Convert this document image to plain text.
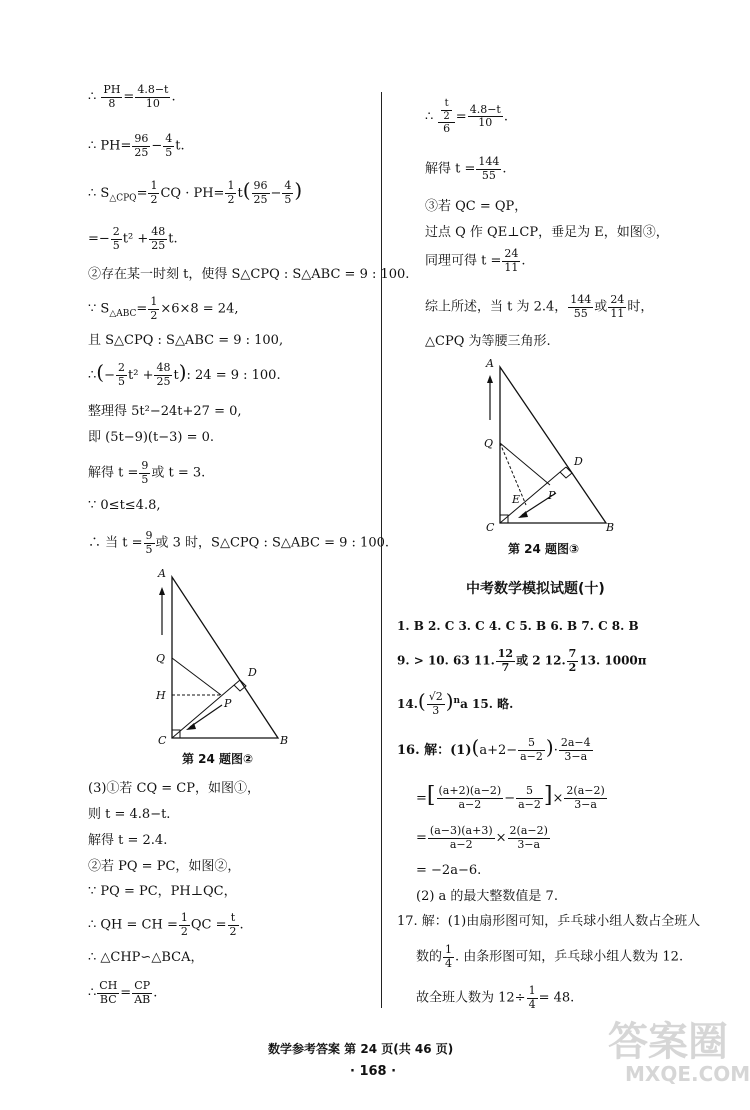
∴ $\frac{PH}{8} = \frac{4.8-t}{10}$ .
∴ $PH= \frac{96}{25} - \frac{4}{5} t$.
∴ $S_{\triangle CPQ}= \frac{1}{2}$ CQ · $PH= \frac{1}{2} t( \frac{96}{25} - \frac{4}{5}$ )
=− $\frac{2}{5} t^2 + \frac{48}{25} t$.
②存在某一时刻 t，使得 S△CPQ : S△ABC = 9 : 100.
∵ $S_{\triangle ABC}= \frac{1}{2} \times 6\times 8 = 24$,
且 S△CPQ : S△ABC = 9 : 100,
∴(− $\frac{2}{5} t^2 + \frac{48}{25} t$): 24 = 9 : 100.
整理得 5t²−24t+27 = 0,
即 (5t−9)(t−3) = 0.
解得 $t = \frac{9}{5}$ 或 t = 3.
∵ 0≤t≤4.8,
∴ 当 $t = \frac{9}{5}$ 或 3 时，S△CPQ : S△ABC = 9 : 100.
A
Q
H
P
D
C	B
第 24 题图②
(3)①若 CQ = CP，如图①，
则 t = 4.8−t.
解得 t = 2.4.
②若 PQ = PC，如图②，
∵ PQ = PC，PH⊥QC，
∴ QH = CH = $\frac{1}{2}$ QC = $\frac{t}{2}$ .
∴ △CHP∽△BCA，
∴ $\frac{CH}{BC} = \frac{CP}{AB}$ .
∴ $\frac{\frac{t}{2}}{6} = \frac{4.8-t}{10}$ .
解得 $t = \frac{144}{55}$ .
③若 QC = QP，
过点 Q 作 QE⊥CP，垂足为 E，如图③，
同理可得 $t = \frac{24}{11}$ .
综上所述，当 t 为 2.4， $\frac{144}{55}$ 或 $\frac{24}{11}$ 时，
△CPQ 为等腰三角形.
A
Q
E	P
D
C	B
第 24 题图③
中考数学模拟试题(十)
1. B 2. C 3. C 4. C 5. B 6. B 7. C 8. B
9. > 10. 63 11. $\frac{12}{7}$ 或 2 12. $\frac{7}{2} 13$. 1000π
$14.( \frac{√2}{3} )^na$ 15. 略.
16. 解：$(1)(a+2- \frac{5}{a-2}$ )· $\frac{2a-4}{3-a}$
=[ $\frac{(a+2)(a-2)}{a-2} - \frac{5}{a-2}$ ]× $\frac{2(a-2)}{3-a}$
= $\frac{(a-3)(a+3)}{a-2} \times \frac{2(a-2)}{3-a}$
= −2a−6.
(2) a 的最大整数值是 7.
17. 解：(1)由扇形图可知，乒乓球小组人数占全班人
数的 $\frac{1}{4}$ . 由条形图可知，乒乓球小组人数为 12.
故全班人数为 $12\div \frac{1}{4} = 48$.
数学参考答案 第 24 页(共 46 页)
· 168 ·
答案圈
MXQE.COM
